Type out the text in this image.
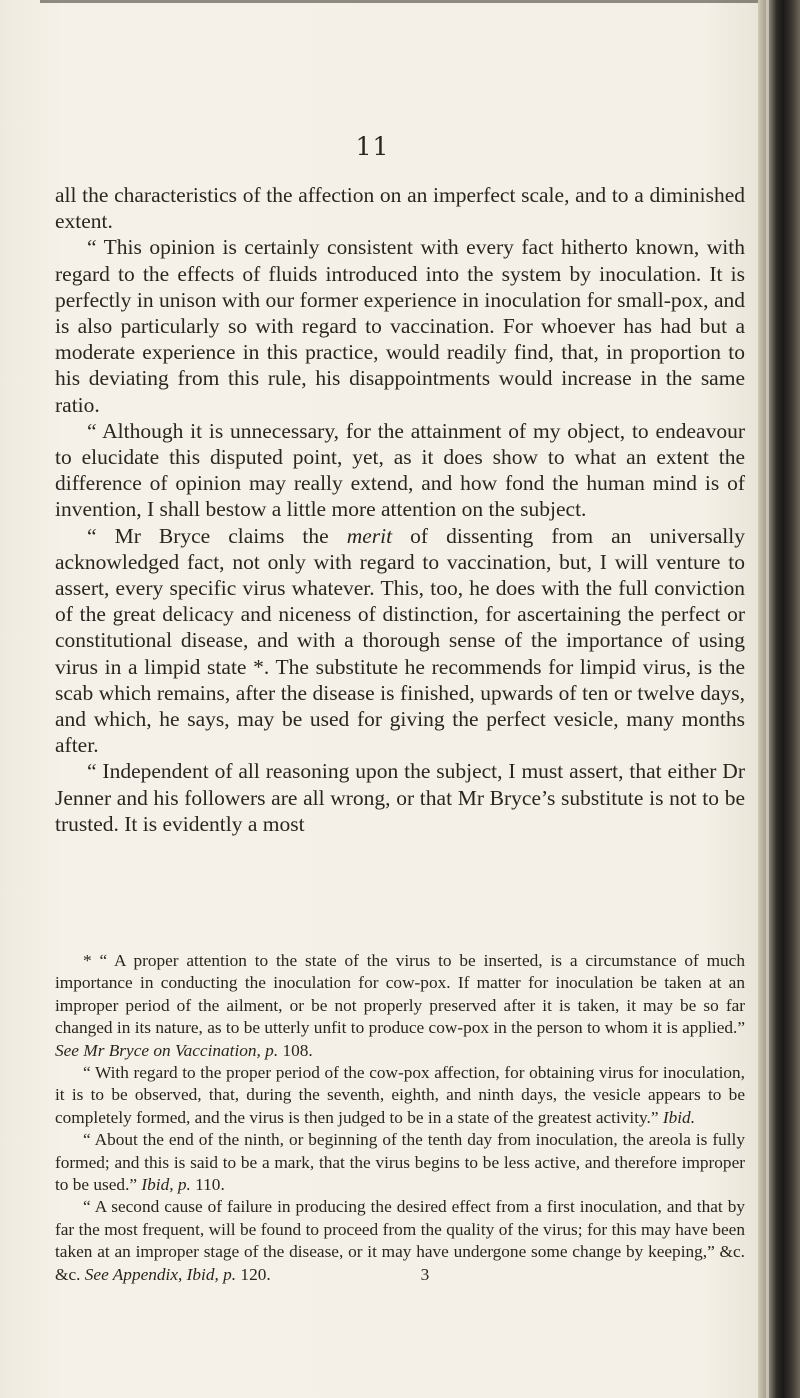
11

all the characteristics of the affection on an imperfect scale, and to a diminished extent.

“ This opinion is certainly consistent with every fact hitherto known, with regard to the effects of fluids introduced into the system by inoculation. It is perfectly in unison with our former experience in inoculation for small-pox, and is also particularly so with regard to vaccination. For whoever has had but a moderate experience in this practice, would readily find, that, in proportion to his deviating from this rule, his disappointments would increase in the same ratio.

“ Although it is unnecessary, for the attainment of my object, to endeavour to elucidate this disputed point, yet, as it does show to what an extent the difference of opinion may really extend, and how fond the human mind is of invention, I shall bestow a little more attention on the subject.

“ Mr Bryce claims the merit of dissenting from an universally acknowledged fact, not only with regard to vaccination, but, I will venture to assert, every specific virus whatever. This, too, he does with the full conviction of the great delicacy and niceness of distinction, for ascertaining the perfect or constitutional disease, and with a thorough sense of the importance of using virus in a limpid state *. The substitute he recommends for limpid virus, is the scab which remains, after the disease is finished, upwards of ten or twelve days, and which, he says, may be used for giving the perfect vesicle, many months after.

“ Independent of all reasoning upon the subject, I must assert, that either Dr Jenner and his followers are all wrong, or that Mr Bryce’s substitute is not to be trusted. It is evidently a most

* “ A proper attention to the state of the virus to be inserted, is a circumstance of much importance in conducting the inoculation for cow-pox. If matter for inoculation be taken at an improper period of the ailment, or be not properly preserved after it is taken, it may be so far changed in its nature, as to be utterly unfit to produce cow-pox in the person to whom it is applied.” See Mr Bryce on Vaccination, p. 108.

“ With regard to the proper period of the cow-pox affection, for obtaining virus for inoculation, it is to be observed, that, during the seventh, eighth, and ninth days, the vesicle appears to be completely formed, and the virus is then judged to be in a state of the greatest activity.” Ibid.

“ About the end of the ninth, or beginning of the tenth day from inoculation, the areola is fully formed; and this is said to be a mark, that the virus begins to be less active, and therefore improper to be used.” Ibid, p. 110.

“ A second cause of failure in producing the desired effect from a first inoculation, and that by far the most frequent, will be found to proceed from the quality of the virus; for this may have been taken at an improper stage of the disease, or it may have undergone some change by keeping,” &c. &c. See Appendix, Ibid, p. 120.	3
